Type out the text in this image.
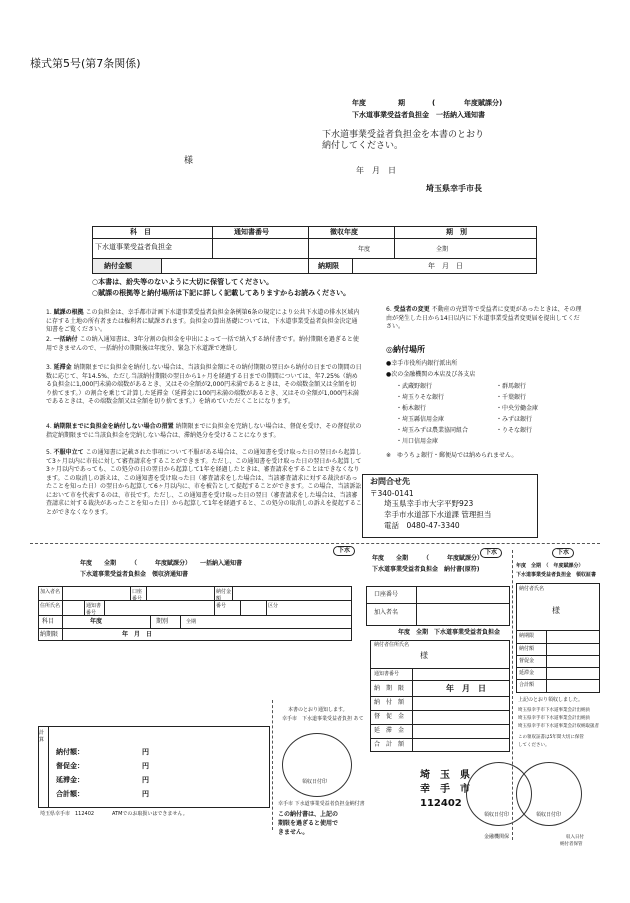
様式第5号(第7条関係)
年度	期	(	年度賦課分)
下水道事業受益者負担金　一括納入通知書
下水道事業受益者負担金を本書のとおり
納付してください。
様
年　月　日
埼玉県幸手市長
科　目	通知書番号	徴収年度	期　別
下水道事業受益者負担金	年度	全期
納付金額	納期限	年　月　日
○本書は、紛失等のないように大切に保管してください。
○賦課の根拠等と納付場所は下記に詳しく記載してありますからお読みください。
1. 賦課の根拠 この負担金は、幸手都市計画下水道事業受益者負担金条例第6条の規定により公共下水道の排水区域内に存する土地の所有者または権利者に賦課されます。負担金の算出基礎については、下水道事業受益者負担金決定通知書をご覧ください。
2. 一括納付 この納入通知書は、3年分割の負担金を申出によって一括で納入する納付書です。納付期限を過ぎると使用できませんので、一括納付の期限後は年度分、緊急下水道課で連絡し
3. 延滞金 納期限までに負担金を納付しない場合は、当該負担金額にその納付期限の翌日から納付の日までの期間の日数に応じて、年14.5%、ただし当該納付期限の翌日から1ヶ月を経過する日までの期間については、年7.25%（納める負担金に1,000円未満の端数があるとき、又はその全額が2,000円未満であるときは、その端数金額又は全額を切り捨てます。）の割合を乗じて計算した延滞金（延滞金に100円未満の端数があるとき、又はその全額が1,000円未満であるときは、その端数金額又は全額を切り捨てます。）を納めていただくことになります。
4. 納期限までに負担金を納付しない場合の措置 納期限までに負担金を完納しない場合は、督促を受け、その督促状の指定納期限までに当該負担金を完納しない場合は、滞納処分を受けることになります。
5. 不服申立て この通知書に記載された事項について不服がある場合は、この通知書を受け取った日の翌日から起算して3ヶ月以内に市長に対して審査請求をすることができます。ただし、この通知書を受け取った日の翌日から起算して3ヶ月以内であっても、この処分の日の翌日から起算して1年を経過したときは、審査請求をすることはできなくなります。この取消しの訴えは、この通知書を受け取った日（審査請求をした場合は、当該審査請求に対する裁決があったことを知った日）の翌日から起算して6ヶ月以内に、市を被告として提起することができます。この場合、当該訴訟において市を代表するのは、市長です。ただし、この通知書を受け取った日の翌日（審査請求をした場合は、当該審査請求に対する裁決があったことを知った日）から起算して1年を経過すると、この処分の取消しの訴えを提起することができなくなります。
6. 受益者の変更 不動産の売買等で受益者に変更があったときは、その理由が発生した日から14日以内に下水道事業受益者変更届を提出してください。
◎納付場所
●幸手市役所内銀行派出所
●次の金融機関の本店及び各支店
・武蔵野銀行
・埼玉りそな銀行
・栃木銀行
・埼玉縣信用金庫
・埼玉みずほ農業協同組合
・川口信用金庫
・群馬銀行
・千葉銀行
・中央労働金庫
・みずほ銀行
・りそな銀行
※　ゆうちょ銀行・郵便局では納められません。
お問合せ先
〒340-0141
埼玉県幸手市大字平野923
幸手市水道部下水道課 管理担当
電話　0480-47-3340
下水
年度　　全期　　　（　　　年度賦課分）　　一括納入通知書
下水道事業受益者負担金　領収済通知書
加入者名	口座番号
納付金額
住所氏名	通知書番号
番号	区分
科目	年度	期別	全期
納期限	年　月　日
計算
納付額：	円
督促金：	円
延滞金：	円
合計額：	円
埼玉県幸手市　112402	ATMでのお取扱いはできません。
本書のとおり通知します。
幸手市　下水道事業受益者負担 あて
領収日付印
幸手市 下水道事業受益者負担金納付書
この納付書は、上記の
期限を過ぎると使用で
きません。
下水
年度　　全期　　　（　　　年度賦課分）
下水道事業受益者負担金　納付書(原符)
口座番号
加入者名
年度　全期　下水道事業受益者負担金
納付者住所氏名
様
通知書番号
納　期　限	年　月　日
納　付　額
督　促　金
延　滞　金
合　計　額
埼　玉　県
幸　手　市
112402
領収日付印
金融機関保
下水
年度　全期　（　年度賦課分）
下水道事業受益者負担金　領収証書
納付者氏名
様
納期限
納付額
督促金
延滞金
合計額
上記のとおり領収しました。
埼玉県幸手市下水道事業会計出納員
埼玉県幸手市下水道事業会計出納員
埼玉県幸手市下水道事業会計収納取扱者
この領収証書は5年間大切に保管
してください。
領収日付印
収入日付
納付者保管
